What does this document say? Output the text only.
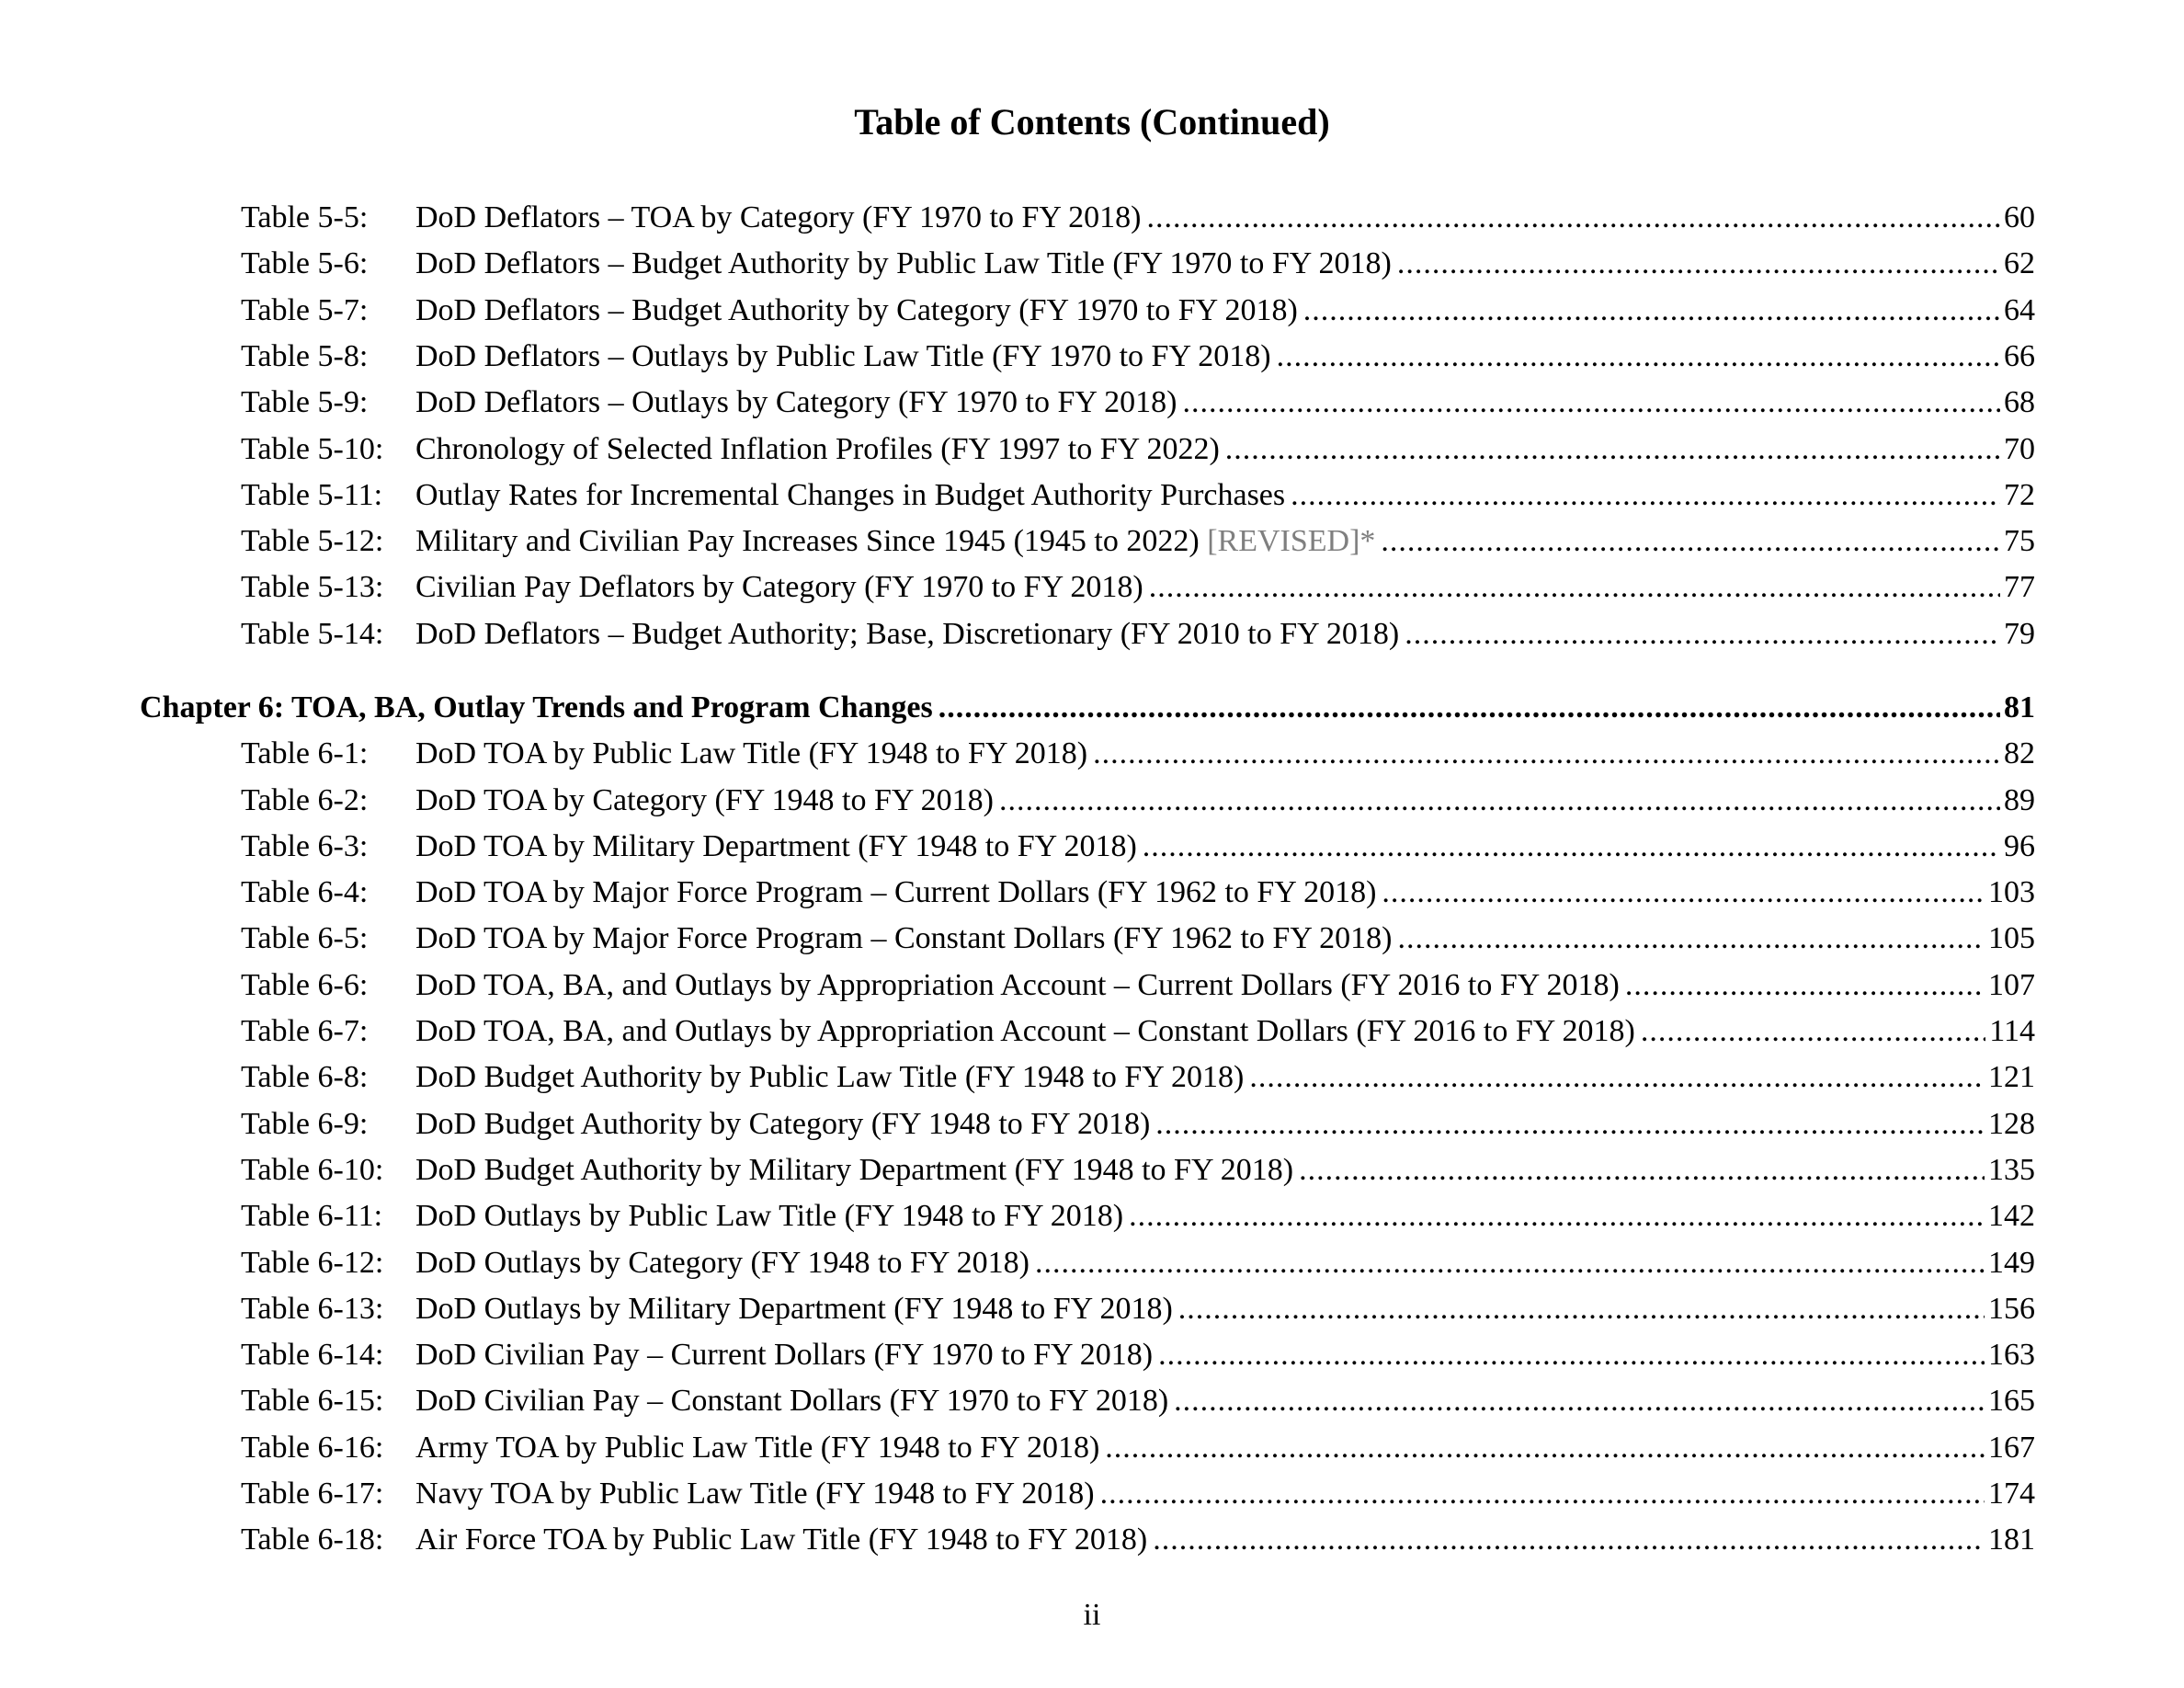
Table of Contents (Continued)
Table 5-5:	DoD Deflators – TOA by Category (FY 1970 to FY 2018) .....	60
Table 5-6:	DoD Deflators – Budget Authority by Public Law Title (FY 1970 to FY 2018) .....	62
Table 5-7:	DoD Deflators – Budget Authority by Category (FY 1970 to FY 2018) .....	64
Table 5-8:	DoD Deflators – Outlays by Public Law Title (FY 1970 to FY 2018) .....	66
Table 5-9:	DoD Deflators – Outlays by Category (FY 1970 to FY 2018) .....	68
Table 5-10:	Chronology of Selected Inflation Profiles (FY 1997 to FY 2022) .....	70
Table 5-11:	Outlay Rates for Incremental Changes in Budget Authority Purchases .....	72
Table 5-12:	Military and Civilian Pay Increases Since 1945 (1945 to 2022) [REVISED]* .....	75
Table 5-13:	Civilian Pay Deflators by Category (FY 1970 to FY 2018) .....	77
Table 5-14:	DoD Deflators – Budget Authority; Base, Discretionary (FY 2010 to FY 2018) .....	79
Chapter 6: TOA, BA, Outlay Trends and Program Changes .....	81
Table 6-1:	DoD TOA by Public Law Title (FY 1948 to FY 2018) .....	82
Table 6-2:	DoD TOA by Category (FY 1948 to FY 2018) .....	89
Table 6-3:	DoD TOA by Military Department (FY 1948 to FY 2018) .....	96
Table 6-4:	DoD TOA by Major Force Program – Current Dollars (FY 1962 to FY 2018) .....	103
Table 6-5:	DoD TOA by Major Force Program – Constant Dollars (FY 1962 to FY 2018) .....	105
Table 6-6:	DoD TOA, BA, and Outlays by Appropriation Account – Current Dollars (FY 2016 to FY 2018) .....	107
Table 6-7:	DoD TOA, BA, and Outlays by Appropriation Account – Constant Dollars (FY 2016 to FY 2018) .....	114
Table 6-8:	DoD Budget Authority by Public Law Title (FY 1948 to FY 2018) .....	121
Table 6-9:	DoD Budget Authority by Category (FY 1948 to FY 2018) .....	128
Table 6-10:	DoD Budget Authority by Military Department (FY 1948 to FY 2018) .....	135
Table 6-11:	DoD Outlays by Public Law Title (FY 1948 to FY 2018) .....	142
Table 6-12:	DoD Outlays by Category (FY 1948 to FY 2018) .....	149
Table 6-13:	DoD Outlays by Military Department (FY 1948 to FY 2018) .....	156
Table 6-14:	DoD Civilian Pay – Current Dollars (FY 1970 to FY 2018) .....	163
Table 6-15:	DoD Civilian Pay – Constant Dollars (FY 1970 to FY 2018) .....	165
Table 6-16:	Army TOA by Public Law Title (FY 1948 to FY 2018) .....	167
Table 6-17:	Navy TOA by Public Law Title (FY 1948 to FY 2018) .....	174
Table 6-18:	Air Force TOA by Public Law Title (FY 1948 to FY 2018) .....	181
ii
